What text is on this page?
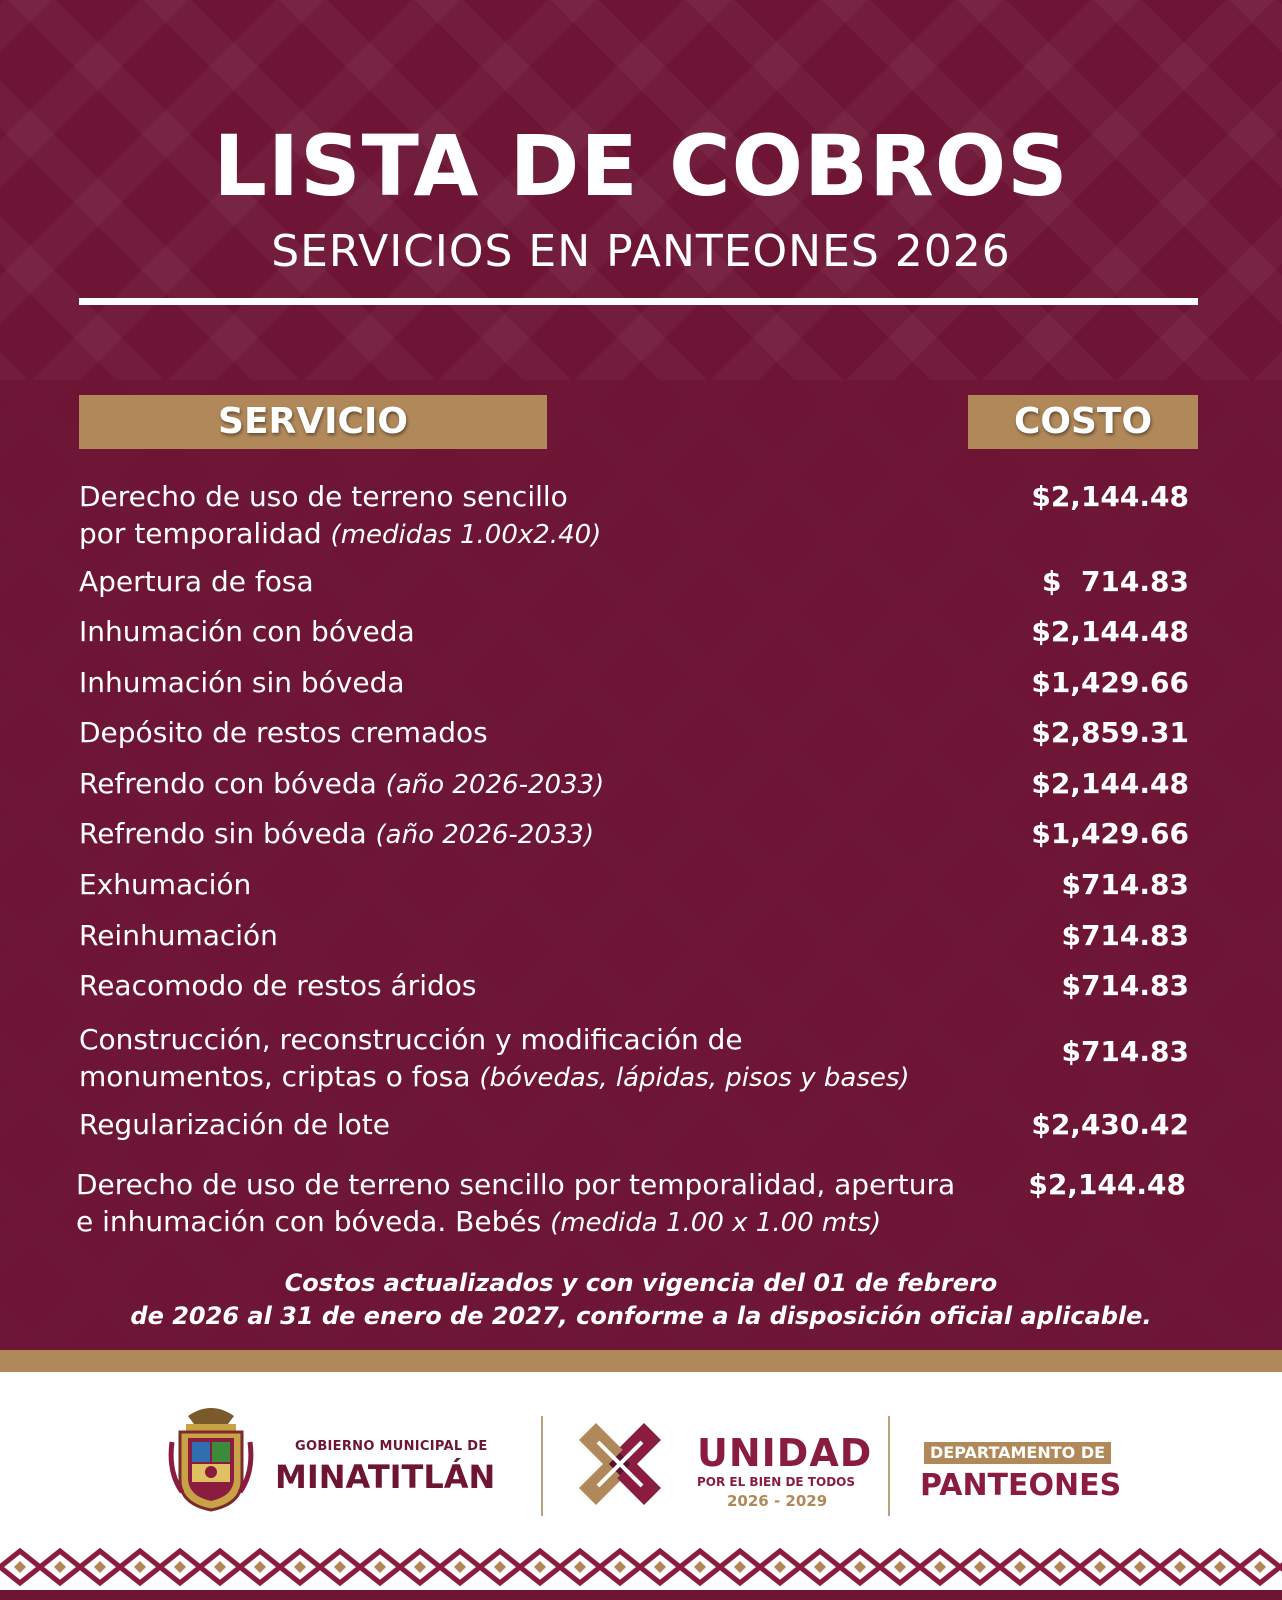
LISTA DE COBROS
SERVICIOS EN PANTEONES 2026
SERVICIO	COSTO
Derecho de uso de terreno sencillo
por temporalidad (medidas 1.00x2.40)
$2,144.48
Apertura de fosa	$  714.83
Inhumación con bóveda	$2,144.48
Inhumación sin bóveda	$1,429.66
Depósito de restos cremados	$2,859.31
Refrendo con bóveda (año 2026-2033)	$2,144.48
Refrendo sin bóveda (año 2026-2033)	$1,429.66
Exhumación	$714.83
Reinhumación	$714.83
Reacomodo de restos áridos	$714.83
Construcción, reconstrucción y modificación de
monumentos, criptas o fosa (bóvedas, lápidas, pisos y bases)
$714.83
Regularización de lote	$2,430.42
Derecho de uso de terreno sencillo por temporalidad, apertura
e inhumación con bóveda. Bebés (medida 1.00 x 1.00 mts)
$2,144.48
Costos actualizados y con vigencia del 01 de febrero
de 2026 al 31 de enero de 2027, conforme a la disposición oficial aplicable.
GOBIERNO MUNICIPAL DE
MINATITLÁN
UNIDAD
POR EL BIEN DE TODOS
2026 - 2029
DEPARTAMENTO DE
PANTEONES
